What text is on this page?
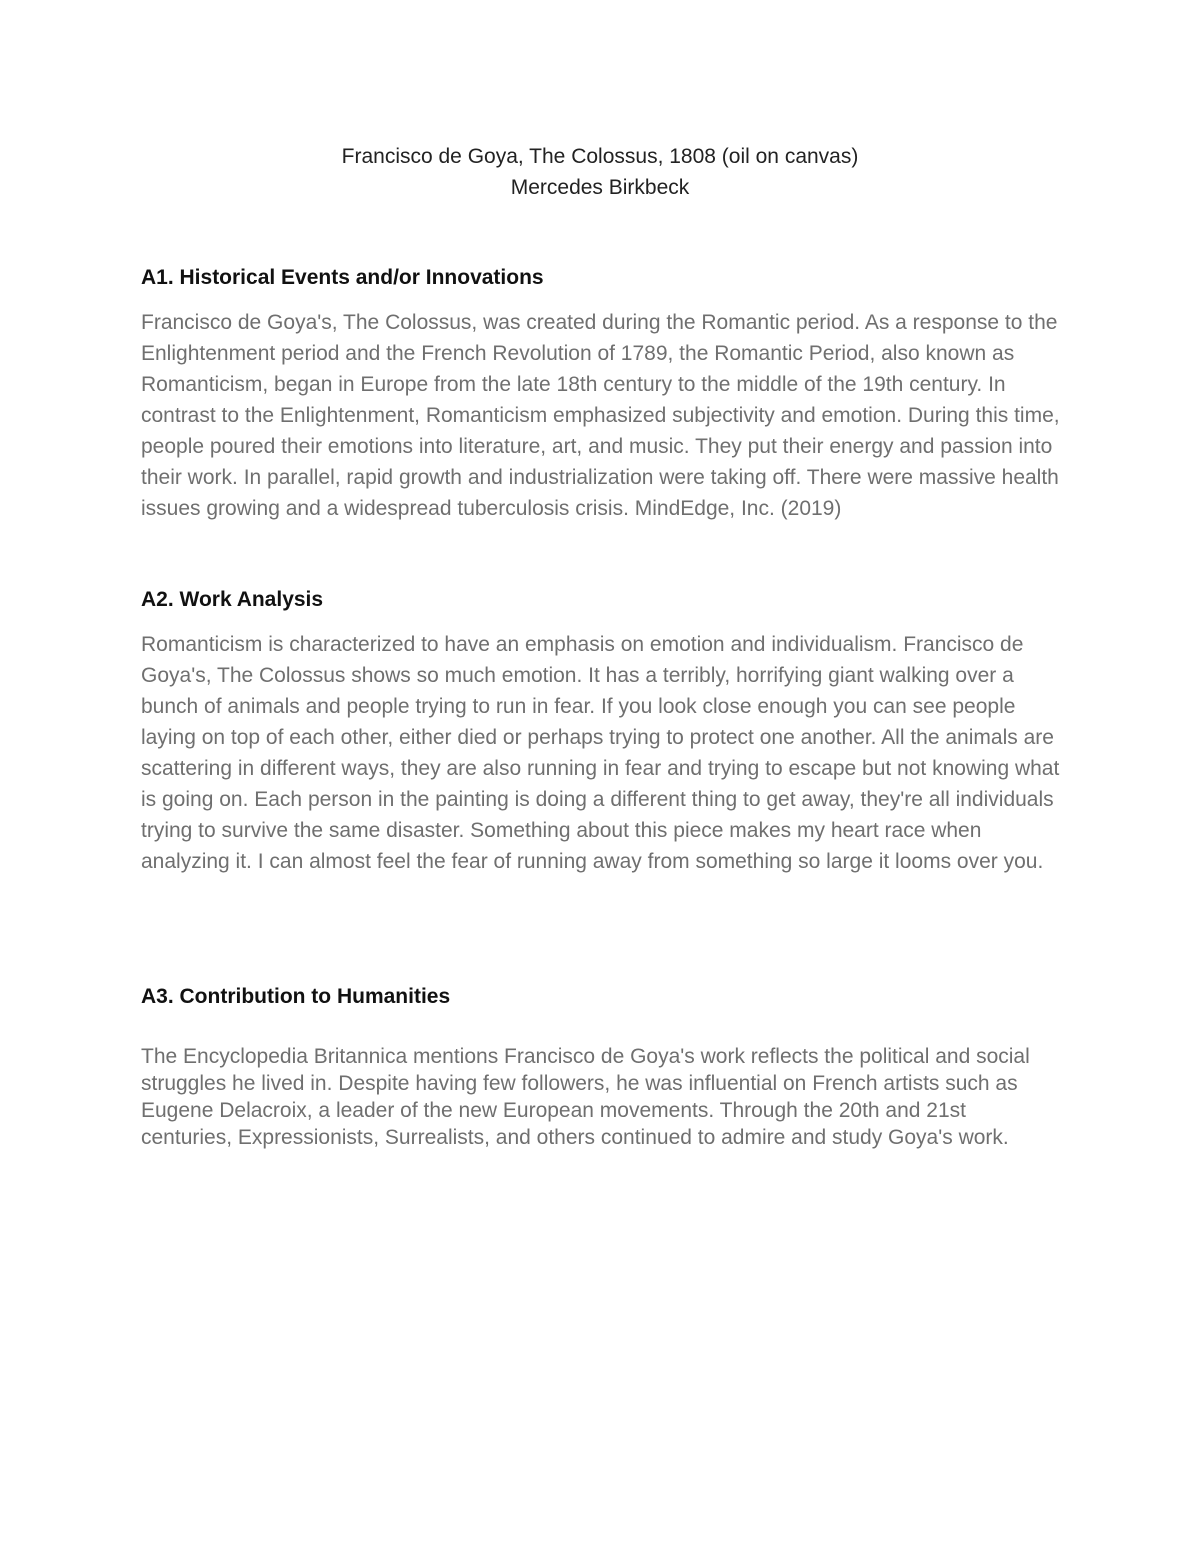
Francisco de Goya, The Colossus, 1808 (oil on canvas)
Mercedes Birkbeck

A1. Historical Events and/or Innovations

Francisco de Goya's, The Colossus, was created during the Romantic period. As a response to the Enlightenment period and the French Revolution of 1789, the Romantic Period, also known as Romanticism, began in Europe from the late 18th century to the middle of the 19th century. In contrast to the Enlightenment, Romanticism emphasized subjectivity and emotion. During this time, people poured their emotions into literature, art, and music. They put their energy and passion into their work. In parallel, rapid growth and industrialization were taking off. There were massive health issues growing and a widespread tuberculosis crisis. MindEdge, Inc. (2019)

A2. Work Analysis

Romanticism is characterized to have an emphasis on emotion and individualism. Francisco de Goya's, The Colossus shows so much emotion. It has a terribly, horrifying giant walking over a bunch of animals and people trying to run in fear. If you look close enough you can see people laying on top of each other, either died or perhaps trying to protect one another. All the animals are scattering in different ways, they are also running in fear and trying to escape but not knowing what is going on. Each person in the painting is doing a different thing to get away, they're all individuals trying to survive the same disaster. Something about this piece makes my heart race when analyzing it. I can almost feel the fear of running away from something so large it looms over you.

A3. Contribution to Humanities

The Encyclopedia Britannica mentions Francisco de Goya's work reflects the political and social struggles he lived in. Despite having few followers, he was influential on French artists such as Eugene Delacroix, a leader of the new European movements. Through the 20th and 21st centuries, Expressionists, Surrealists, and others continued to admire and study Goya's work.
